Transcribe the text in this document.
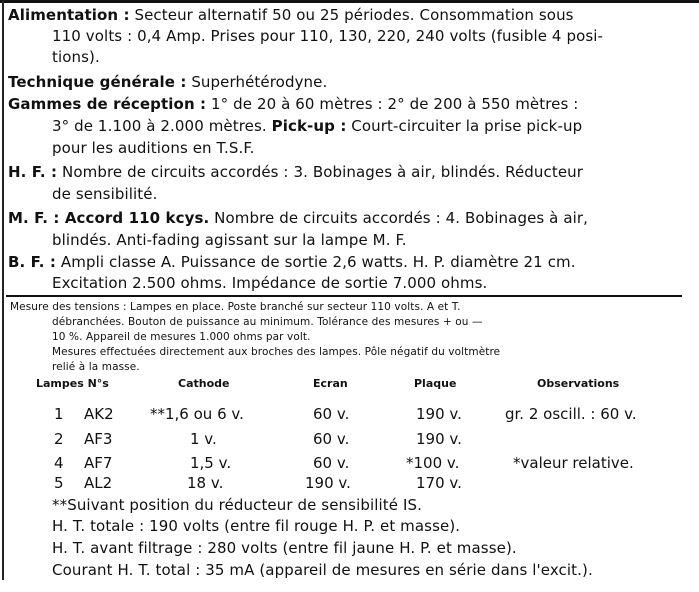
Alimentation : Secteur alternatif 50 ou 25 périodes. Consommation sous
110 volts : 0,4 Amp. Prises pour 110, 130, 220, 240 volts (fusible 4 posi-
tions).
Technique générale : Superhétérodyne.
Gammes de réception : 1° de 20 à 60 mètres : 2° de 200 à 550 mètres :
3° de 1.100 à 2.000 mètres. Pick-up : Court-circuiter la prise pick-up
pour les auditions en T.S.F.
H. F. : Nombre de circuits accordés : 3. Bobinages à air, blindés. Réducteur
de sensibilité.
M. F. : Accord 110 kcys. Nombre de circuits accordés : 4. Bobinages à air,
blindés. Anti-fading agissant sur la lampe M. F.
B. F. : Ampli classe A. Puissance de sortie 2,6 watts. H. P. diamètre 21 cm.
Excitation 2.500 ohms. Impédance de sortie 7.000 ohms.
Mesure des tensions : Lampes en place. Poste branché sur secteur 110 volts. A et T.
débranchées. Bouton de puissance au minimum. Tolérance des mesures + ou —
10 %. Appareil de mesures 1.000 ohms par volt.
Mesures effectuées directement aux broches des lampes. Pôle négatif du voltmètre
relié à la masse.
Lampes N°s	Cathode	Ecran	Plaque	Observations
1 AK2 **1,6 ou 6 v.	60 v.	190 v.	gr. 2 oscill. : 60 v.
2 AF3	1 v.	60 v.	190 v.
4 AF7	1,5 v.	60 v.	*100 v.	*valeur relative.
5 AL2	18 v.	190 v.	170 v.
**Suivant position du réducteur de sensibilité IS.
H. T. totale : 190 volts (entre fil rouge H. P. et masse).
H. T. avant filtrage : 280 volts (entre fil jaune H. P. et masse).
Courant H. T. total : 35 mA (appareil de mesures en série dans l'excit.).
